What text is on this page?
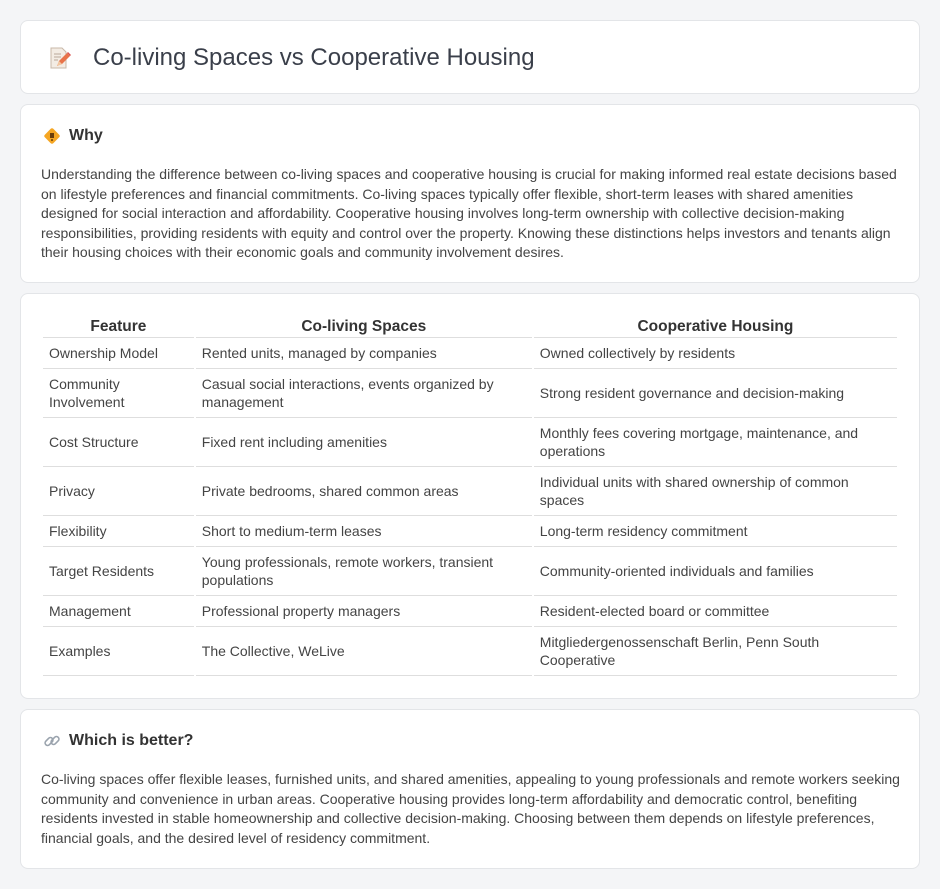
Co-living Spaces vs Cooperative Housing
Why

Understanding the difference between co-living spaces and cooperative housing is crucial for making informed real estate decisions based on lifestyle preferences and financial commitments. Co-living spaces typically offer flexible, short-term leases with shared amenities designed for social interaction and affordability. Cooperative housing involves long-term ownership with collective decision-making responsibilities, providing residents with equity and control over the property. Knowing these distinctions helps investors and tenants align their housing choices with their economic goals and community involvement desires.

Feature	Co-living Spaces	Cooperative Housing
Ownership Model	Rented units, managed by companies	Owned collectively by residents
Community Involvement	Casual social interactions, events organized by management	Strong resident governance and decision-making
Cost Structure	Fixed rent including amenities	Monthly fees covering mortgage, maintenance, and operations
Privacy	Private bedrooms, shared common areas	Individual units with shared ownership of common spaces
Flexibility	Short to medium-term leases	Long-term residency commitment
Target Residents	Young professionals, remote workers, transient populations	Community-oriented individuals and families
Management	Professional property managers	Resident-elected board or committee
Examples	The Collective, WeLive	Mitgliedergenossenschaft Berlin, Penn South Cooperative
Which is better?

Co-living spaces offer flexible leases, furnished units, and shared amenities, appealing to young professionals and remote workers seeking community and convenience in urban areas. Cooperative housing provides long-term affordability and democratic control, benefiting residents invested in stable homeownership and collective decision-making. Choosing between them depends on lifestyle preferences, financial goals, and the desired level of residency commitment.
